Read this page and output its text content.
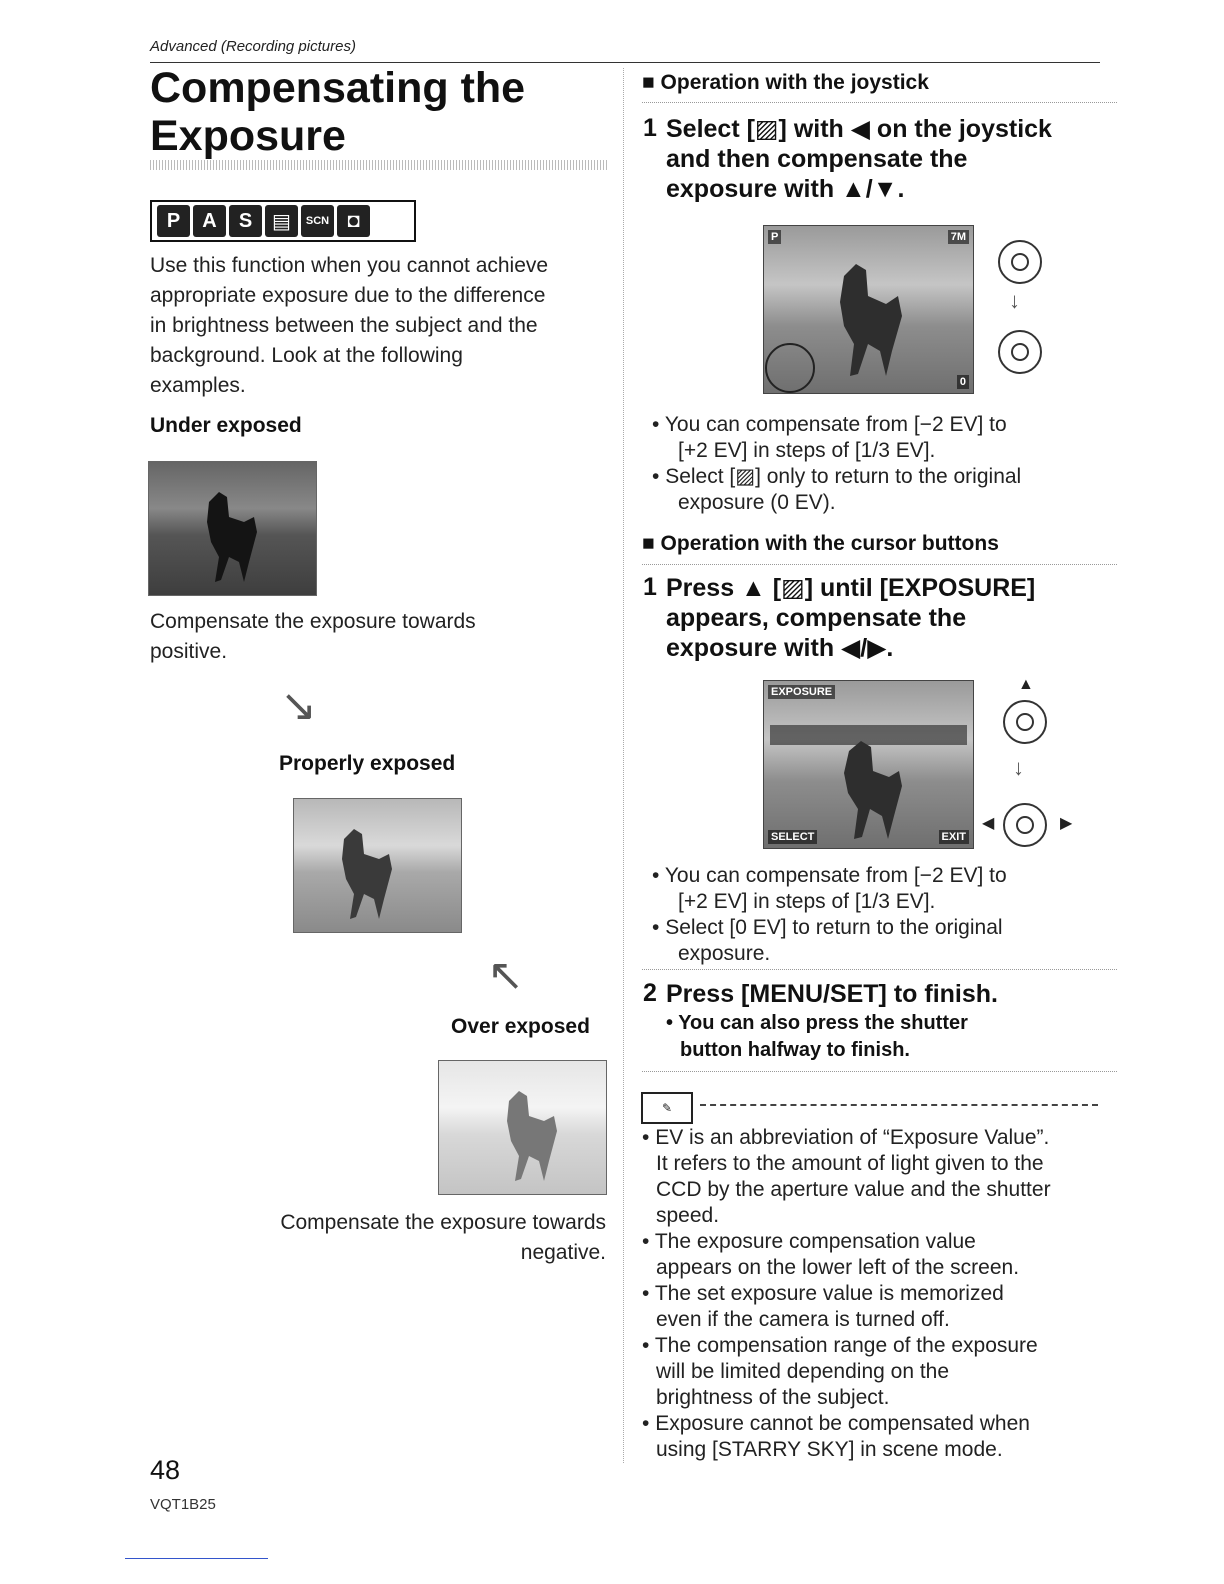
Advanced (Recording pictures)
Compensating the
Exposure
P	A	S ▤	SCN ◘
Use this function when you cannot achieve
appropriate exposure due to the difference
in brightness between the subject and the
background. Look at the following
examples.
Under exposed
Compensate the exposure towards
positive.
↘
Properly exposed
↖
Over exposed
Compensate the exposure towards
negative.
■ Operation with the joystick
1 Select [▨] with ◀ on the joystick
and then compensate the
exposure with ▲/▼.
P	7M
0
↓
• You can compensate from [−2 EV] to
[+2 EV] in steps of [1/3 EV].
• Select [▨] only to return to the original
exposure (0 EV).
■ Operation with the cursor buttons
1 Press ▲ [▨] until [EXPOSURE]
appears, compensate the
exposure with ◀/▶.
EXPOSURE
SELECT	EXIT
▲
↓
◀	▶
• You can compensate from [−2 EV] to
[+2 EV] in steps of [1/3 EV].
• Select [0 EV] to return to the original
exposure.
2 Press [MENU/SET] to finish.
• You can also press the shutter
button halfway to finish.
✎
• EV is an abbreviation of “Exposure Value”.
It refers to the amount of light given to the
CCD by the aperture value and the shutter
speed.
• The exposure compensation value
appears on the lower left of the screen.
• The set exposure value is memorized
even if the camera is turned off.
• The compensation range of the exposure
will be limited depending on the
brightness of the subject.
• Exposure cannot be compensated when
using [STARRY SKY] in scene mode.
48
VQT1B25
